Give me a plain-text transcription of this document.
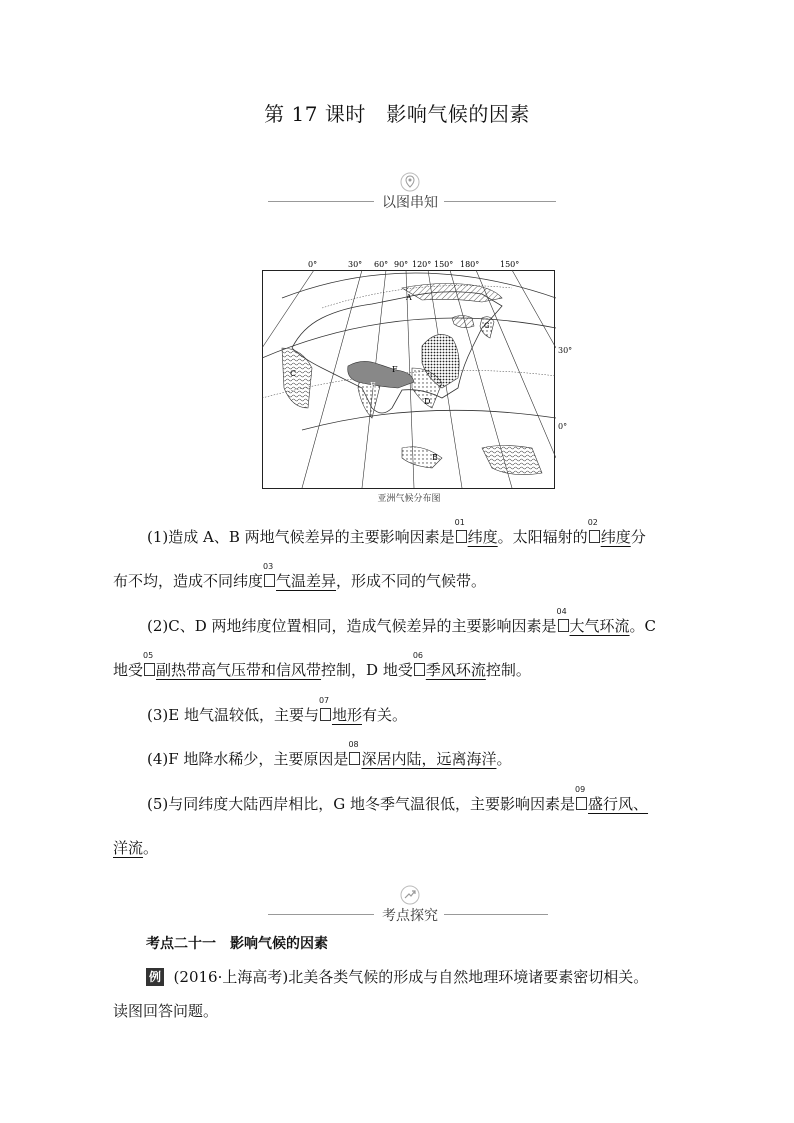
第 17 课时　影响气候的因素
以图串知
0°	30° 60° 90° 120° 150° 180°	150°
A
B
C
D
E
F
G
30°
0°
亚洲气候分布图
(1)造成 A、B 两地气候差异的主要影响因素是
01
纬度。太阳辐射的
02
纬度分
布不均，造成不同纬度
03
气温差异，形成不同的气候带。
(2)C、D 两地纬度位置相同，造成气候差异的主要影响因素是
04
大气环流。C
地受
05
副热带高气压带和信风带控制，D 地受
06
季风环流控制。
(3)E 地气温较低，主要与
07
地形有关。
(4)F 地降水稀少，主要原因是
08
深居内陆，远离海洋。
(5)与同纬度大陆西岸相比，G 地冬季气温很低，主要影响因素是
09
盛行风、
洋流。
考点探究
考点二十一　影响气候的因素
例 (2016·上海高考)北美各类气候的形成与自然地理环境诸要素密切相关。
读图回答问题。
